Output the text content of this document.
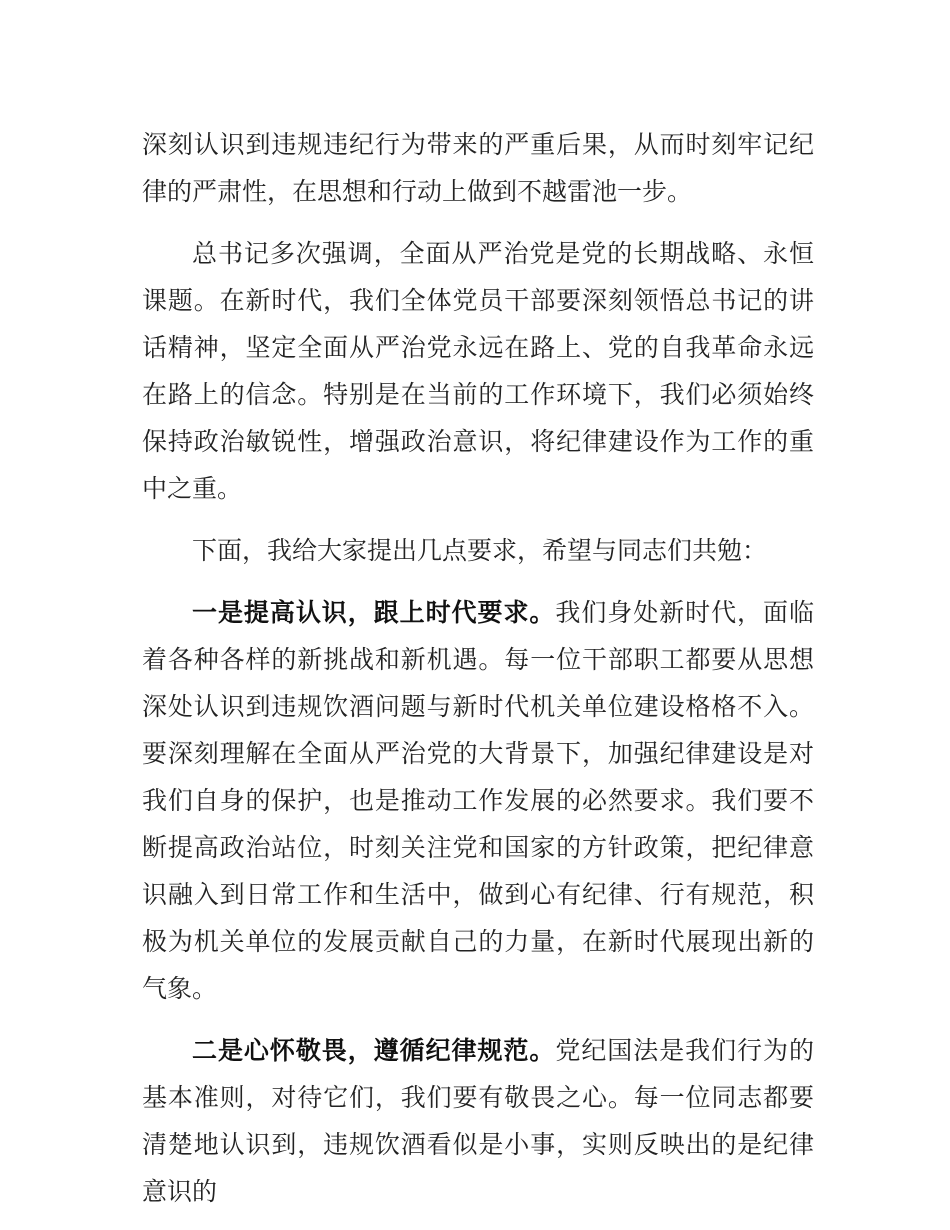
深刻认识到违规违纪行为带来的严重后果，从而时刻牢记纪律的严肃性，在思想和行动上做到不越雷池一步。

总书记多次强调，全面从严治党是党的长期战略、永恒课题。在新时代，我们全体党员干部要深刻领悟总书记的讲话精神，坚定全面从严治党永远在路上、党的自我革命永远在路上的信念。特别是在当前的工作环境下，我们必须始终保持政治敏锐性，增强政治意识，将纪律建设作为工作的重中之重。

下面，我给大家提出几点要求，希望与同志们共勉：

一是提高认识，跟上时代要求。我们身处新时代，面临着各种各样的新挑战和新机遇。每一位干部职工都要从思想深处认识到违规饮酒问题与新时代机关单位建设格格不入。要深刻理解在全面从严治党的大背景下，加强纪律建设是对我们自身的保护，也是推动工作发展的必然要求。我们要不断提高政治站位，时刻关注党和国家的方针政策，把纪律意识融入到日常工作和生活中，做到心有纪律、行有规范，积极为机关单位的发展贡献自己的力量，在新时代展现出新的气象。

二是心怀敬畏，遵循纪律规范。党纪国法是我们行为的基本准则，对待它们，我们要有敬畏之心。每一位同志都要清楚地认识到，违规饮酒看似是小事，实则反映出的是纪律意识的
